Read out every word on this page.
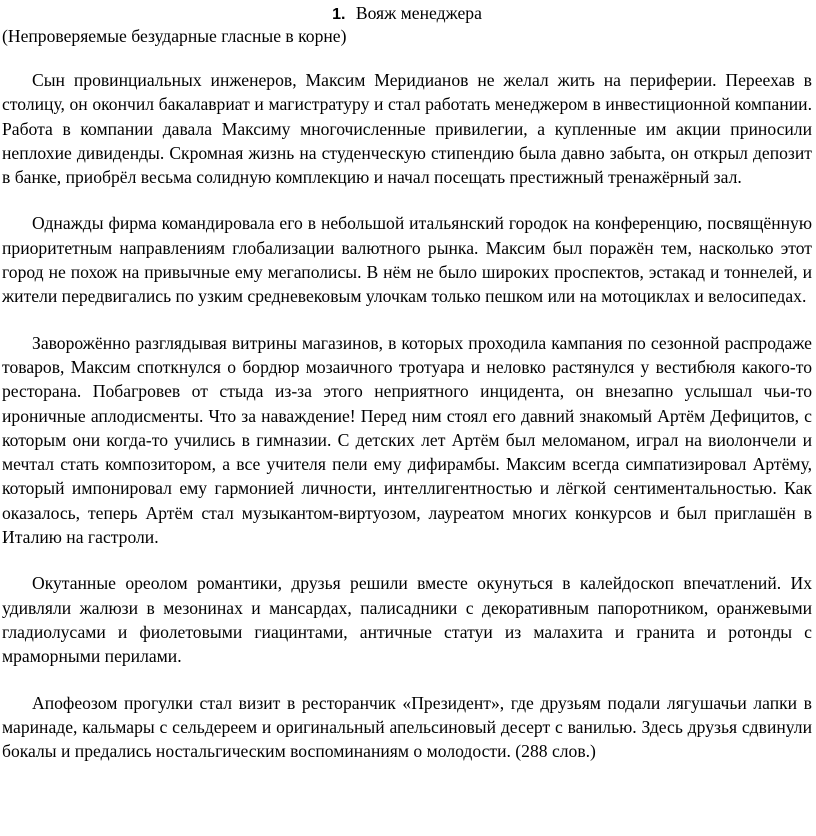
1. Вояж менеджера

(Непроверяемые безударные гласные в корне)

Сын провинциальных инженеров, Максим Меридианов не желал жить на периферии. Переехав в столицу, он окончил бакалавриат и магистратуру и стал работать менеджером в инвестиционной компании. Работа в компании давала Максиму многочисленные привилегии, а купленные им акции приносили неплохие дивиденды. Скромная жизнь на студенческую стипендию была давно забыта, он открыл депозит в банке, приобрёл весьма солидную комплекцию и начал посещать престижный тренажёрный зал.

Однажды фирма командировала его в небольшой итальянский городок на конференцию, посвящённую приоритетным направлениям глобализации валютного рынка. Максим был поражён тем, насколько этот город не похож на привычные ему мегаполисы. В нём не было широких проспектов, эстакад и тоннелей, и жители передвигались по узким средневековым улочкам только пешком или на мотоциклах и велосипедах.

Заворожённо разглядывая витрины магазинов, в которых проходила кампания по сезонной распродаже товаров, Максим споткнулся о бордюр мозаичного тротуара и неловко растянулся у вестибюля какого-то ресторана. Побагровев от стыда из-за этого неприятного инцидента, он внезапно услышал чьи-то ироничные аплодисменты. Что за наваждение! Перед ним стоял его давний знакомый Артём Дефицитов, с которым они когда-то учились в гимназии. С детских лет Артём был меломаном, играл на виолончели и мечтал стать композитором, а все учителя пели ему дифирамбы. Максим всегда симпатизировал Артёму, который импонировал ему гармонией личности, интеллигентностью и лёгкой сентиментальностью. Как оказалось, теперь Артём стал музыкантом-виртуозом, лауреатом многих конкурсов и был приглашён в Италию на гастроли.

Окутанные ореолом романтики, друзья решили вместе окунуться в калейдоскоп впечатлений. Их удивляли жалюзи в мезонинах и мансардах, палисадники с декоративным папоротником, оранжевыми гладиолусами и фиолетовыми гиацинтами, античные статуи из малахита и гранита и ротонды с мраморными перилами.

Апофеозом прогулки стал визит в ресторанчик «Президент», где друзьям подали лягушачьи лапки в маринаде, кальмары с сельдереем и оригинальный апельсиновый десерт с ванилью. Здесь друзья сдвинули бокалы и предались ностальгическим воспоминаниям о молодости. (288 слов.)
